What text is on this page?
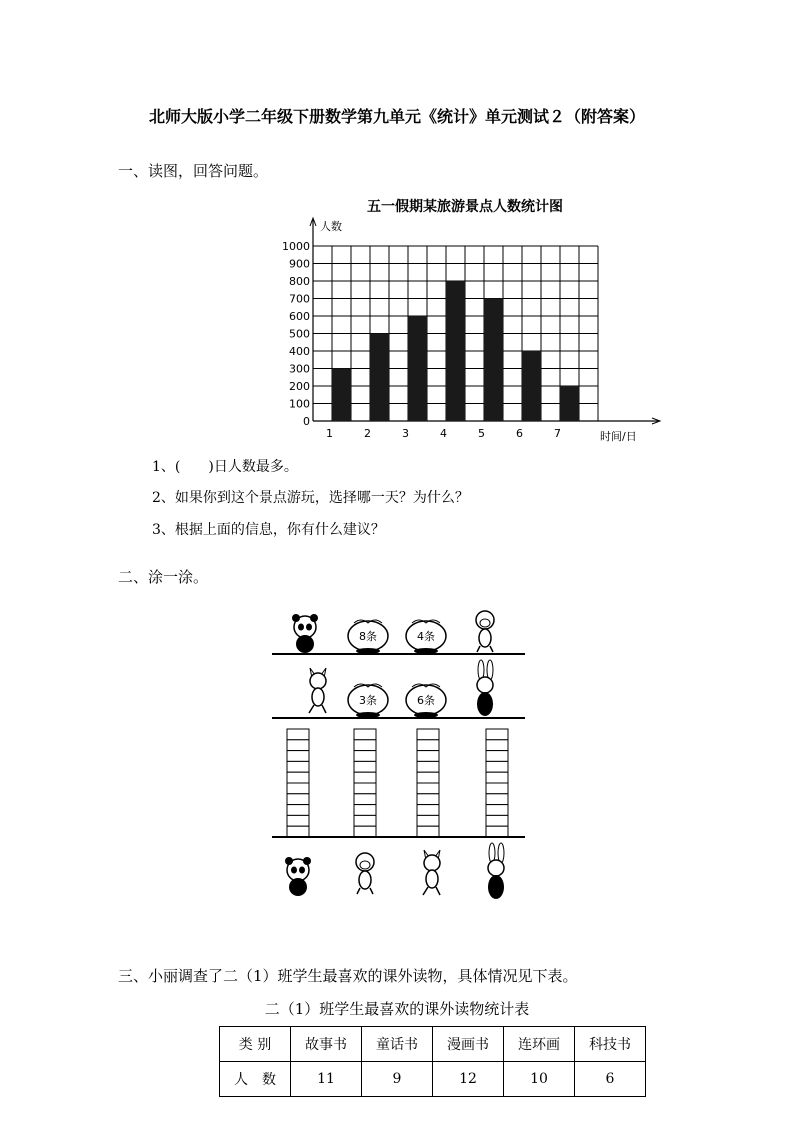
北师大版小学二年级下册数学第九单元《统计》单元测试２（附答案）
一、读图，回答问题。
五一假期某旅游景点人数统计图
人数
0
100
200
300
400
500
600
700
800
900
1000
1	2	3	4	5	6	7	时间/日
1、(　　)日人数最多。
2、如果你到这个景点游玩，选择哪一天？为什么？
3、根据上面的信息，你有什么建议？
二、涂一涂。
8条	4条
3条	6条
三、小丽调查了二（1）班学生最喜欢的课外读物，具体情况见下表。
二（1）班学生最喜欢的课外读物统计表
类 别	故事书	童话书	漫画书	连环画	科技书
人　数	11	9	12	10	6
